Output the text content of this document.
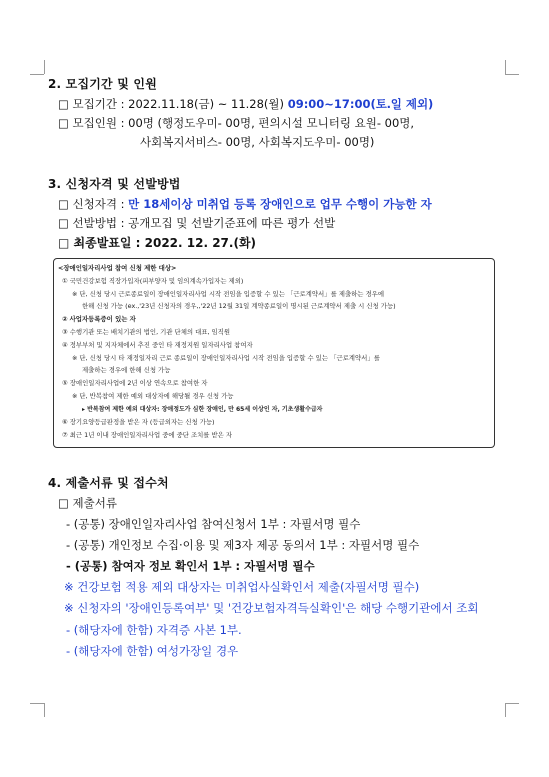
2. 모집기간 및 인원
□ 모집기간 : 2022.11.18(금) ~ 11.28(월) 09:00~17:00(토․일 제외)
□ 모집인원 : 00명 (행정도우미- 00명, 편의시설 모니터링 요원- 00명,
사회복지서비스- 00명, 사회복지도우미- 00명)
3. 신청자격 및 선발방법
□ 신청자격 : 만 18세이상 미취업 등록 장애인으로 업무 수행이 가능한 자
□ 선발방법 : 공개모집 및 선발기준표에 따른 평가 선발
□ 최종발표일 : 2022. 12. 27.(화)
<장애인일자리사업 참여 신청 제한 대상>
① 국민건강보험 직장가입자(피부양자 및 임의계속가입자는 제외)
※ 단, 신청 당시 근로종료일이 장애인일자리사업 시작 전임을 입증할 수 있는 「근로계약서」를 제출하는 경우에
한해 신청 가능 (ex.,'23년 신청자의 경우,,'22년 12월 31일 계약종료일이 명시된 근로계약서 제출 시 신청 가능)
② 사업자등록증이 있는 자
③ 수행기관 또는 배치기관의 법인, 기관 단체의 대표, 임직원
④ 정부부처 및 지자체에서 추진 중인 타 재정지원 일자리사업 참여자
※ 단, 신청 당시 타 재정일자리 근로 종료일이 장애인일자리사업 시작 전임을 입증할 수 있는 「근로계약서」를
제출하는 경우에 한해 신청 가능
⑤ 장애인일자리사업에 2년 이상 연속으로 참여한 자
※ 단, 반복참여 제한 예외 대상자에 해당될 경우 신청 가능
▸ 반복참여 제한 예외 대상자: 장애정도가 심한 장애인, 만 65세 이상인 자, 기초생활수급자
⑥ 장기요양등급판정을 받은 자 (등급외자는 신청 가능)
⑦ 최근 1년 이내 장애인일자리사업 중에 중단 조치를 받은 자
4. 제출서류 및 접수처
□ 제출서류
- (공통) 장애인일자리사업 참여신청서 1부 : 자필서명 필수
- (공통) 개인정보 수집·이용 및 제3자 제공 동의서 1부 : 자필서명 필수
- (공통) 참여자 정보 확인서 1부 : 자필서명 필수
※ 건강보험 적용 제외 대상자는 미취업사실확인서 제출(자필서명 필수)
※ 신청자의 '장애인등록여부' 및 '건강보험자격득실확인'은 해당 수행기관에서 조회
- (해당자에 한함) 자격증 사본 1부.
- (해당자에 한함) 여성가장일 경우
